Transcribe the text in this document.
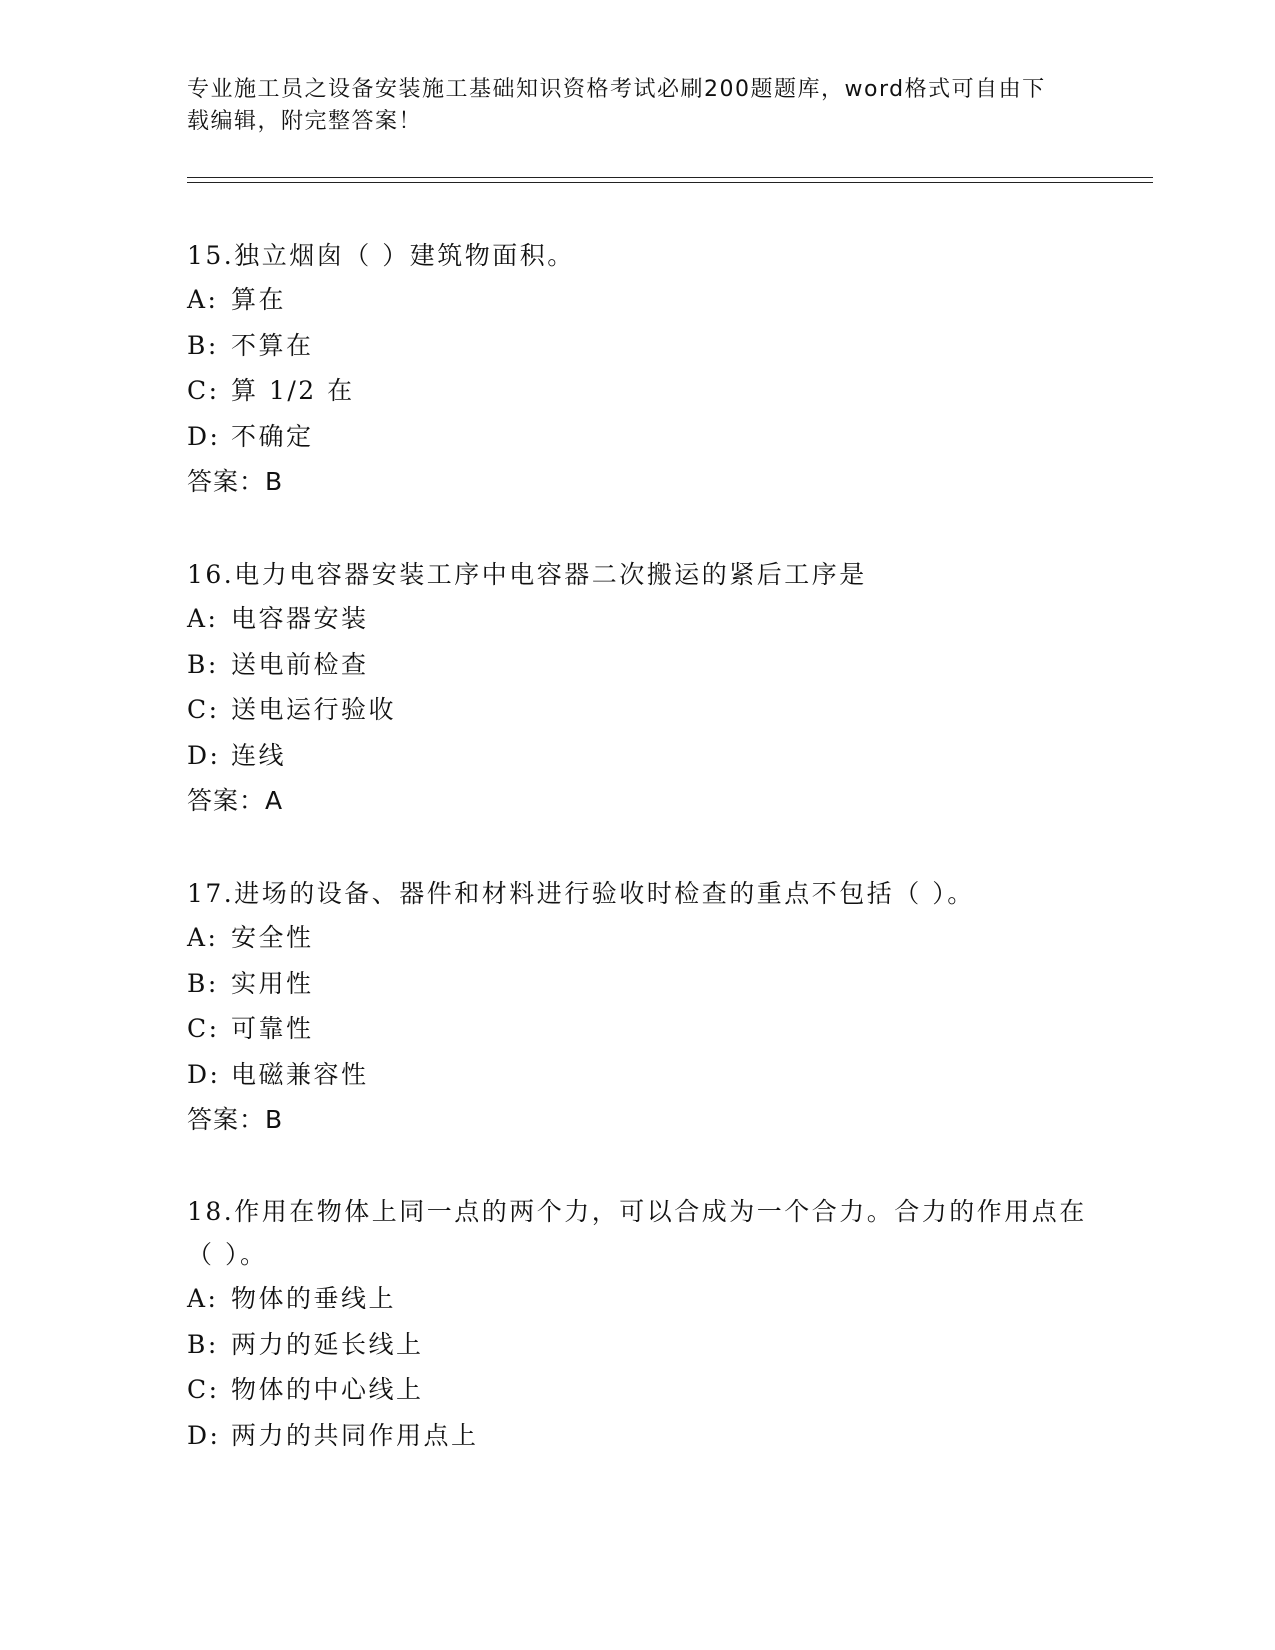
专业施工员之设备安装施工基础知识资格考试必刷200题题库，word格式可自由下载编辑，附完整答案！

15.独立烟囱（ ）建筑物面积。

A: 算在
B: 不算在
C: 算 1/2 在
D: 不确定
答案：B

16.电力电容器安装工序中电容器二次搬运的紧后工序是

A: 电容器安装
B: 送电前检查
C: 送电运行验收
D: 连线
答案：A

17.进场的设备、器件和材料进行验收时检查的重点不包括（ ）。

A: 安全性
B: 实用性
C: 可靠性
D: 电磁兼容性
答案：B

18.作用在物体上同一点的两个力，可以合成为一个合力。合力的作用点在（ ）。

A: 物体的垂线上
B: 两力的延长线上
C: 物体的中心线上
D: 两力的共同作用点上
